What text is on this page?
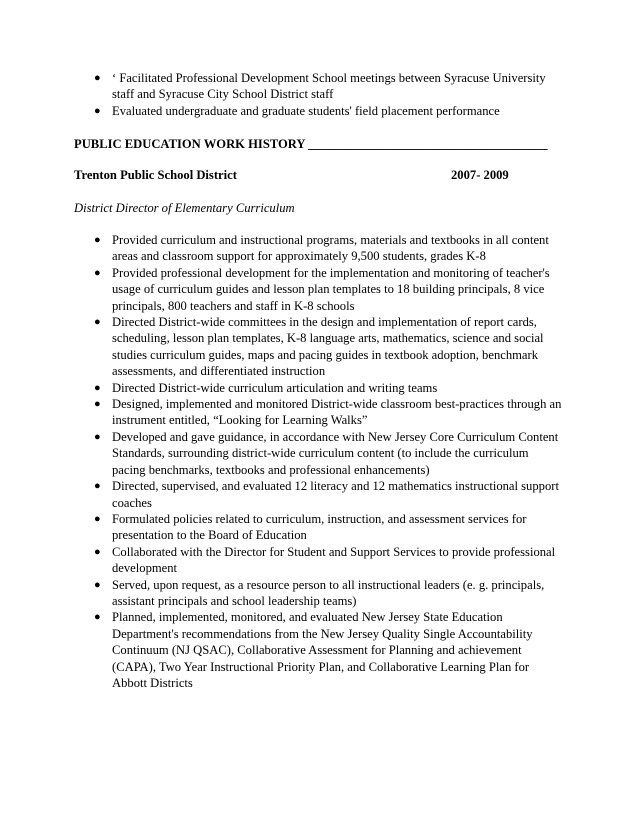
● ‘ Facilitated Professional Development School meetings between Syracuse University staff and Syracuse City School District staff
● Evaluated undergraduate and graduate students' field placement performance
PUBLIC EDUCATION WORK HISTORY ______________________________________
Trenton Public School District	2007- 2009
District Director of Elementary Curriculum
● Provided curriculum and instructional programs, materials and textbooks in all content areas and classroom support for approximately 9,500 students, grades K-8
● Provided professional development for the implementation and monitoring of teacher's usage of curriculum guides and lesson plan templates to 18 building principals, 8 vice principals, 800 teachers and staff in K-8 schools
● Directed District-wide committees in the design and implementation of report cards, scheduling, lesson plan templates, K-8 language arts, mathematics, science and social studies curriculum guides, maps and pacing guides in textbook adoption, benchmark assessments, and differentiated instruction
● Directed District-wide curriculum articulation and writing teams
● Designed, implemented and monitored District-wide classroom best-practices through an instrument entitled, “Looking for Learning Walks”
● Developed and gave guidance, in accordance with New Jersey Core Curriculum Content Standards, surrounding district-wide curriculum content (to include the curriculum pacing benchmarks, textbooks and professional enhancements)
● Directed, supervised, and evaluated 12 literacy and 12 mathematics instructional support coaches
● Formulated policies related to curriculum, instruction, and assessment services for presentation to the Board of Education
● Collaborated with the Director for Student and Support Services to provide professional development
● Served, upon request, as a resource person to all instructional leaders (e. g. principals, assistant principals and school leadership teams)
● Planned, implemented, monitored, and evaluated New Jersey State Education Department's recommendations from the New Jersey Quality Single Accountability Continuum (NJ QSAC), Collaborative Assessment for Planning and achievement (CAPA), Two Year Instructional Priority Plan, and Collaborative Learning Plan for Abbott Districts
